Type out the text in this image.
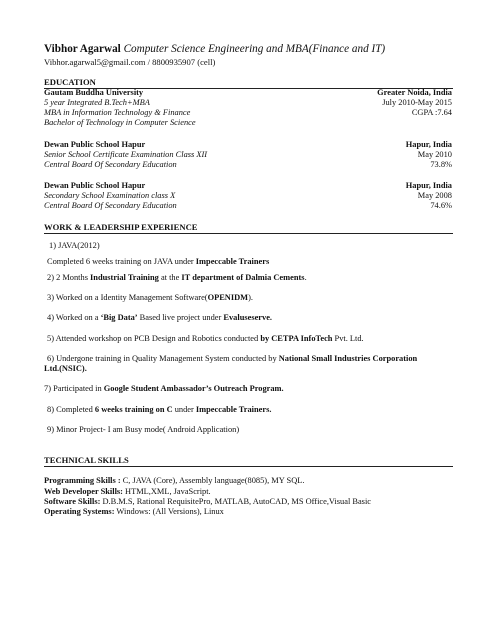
Vibhor Agarwal Computer Science Engineering and MBA(Finance and IT)
Vibhor.agarwal5@gmail.com / 8800935907 (cell)
EDUCATION
Gautam Buddha University	Greater Noida, India
5 year Integrated B.Tech+MBA	July 2010-May 2015
MBA in Information Technology & Finance	CGPA :7.64
Bachelor of Technology in Computer Science
Dewan Public School Hapur	Hapur, India
Senior School Certificate Examination Class XII	May 2010
Central Board Of Secondary Education	73.8%
Dewan Public School Hapur	Hapur, India
Secondary School Examination class X	May 2008
Central Board Of Secondary Education	74.6%
WORK & LEADERSHIP EXPERIENCE
1) JAVA(2012)
Completed 6 weeks training on JAVA under Impeccable Trainers
2) 2 Months Industrial Training at the IT department of Dalmia Cements.
3) Worked on a Identity Management Software(OPENIDM).
4) Worked on a ‘Big Data’ Based live project under Evaluseserve.
5) Attended workshop on PCB Design and Robotics conducted by CETPA InfoTech Pvt. Ltd.
6) Undergone training in Quality Management System conducted by National Small Industries Corporation
Ltd.(NSIC).
7) Participated in Google Student Ambassador’s Outreach Program.
8) Completed 6 weeks training on C under Impeccable Trainers.
9) Minor Project- I am Busy mode( Android Application)
TECHNICAL SKILLS
Programming Skills : C, JAVA (Core), Assembly language(8085), MY SQL.
Web Developer Skills: HTML,XML, JavaScript.
Software Skills: D.B.M.S, Rational RequisitePro, MATLAB, AutoCAD, MS Office,Visual Basic
Operating Systems: Windows: (All Versions), Linux
